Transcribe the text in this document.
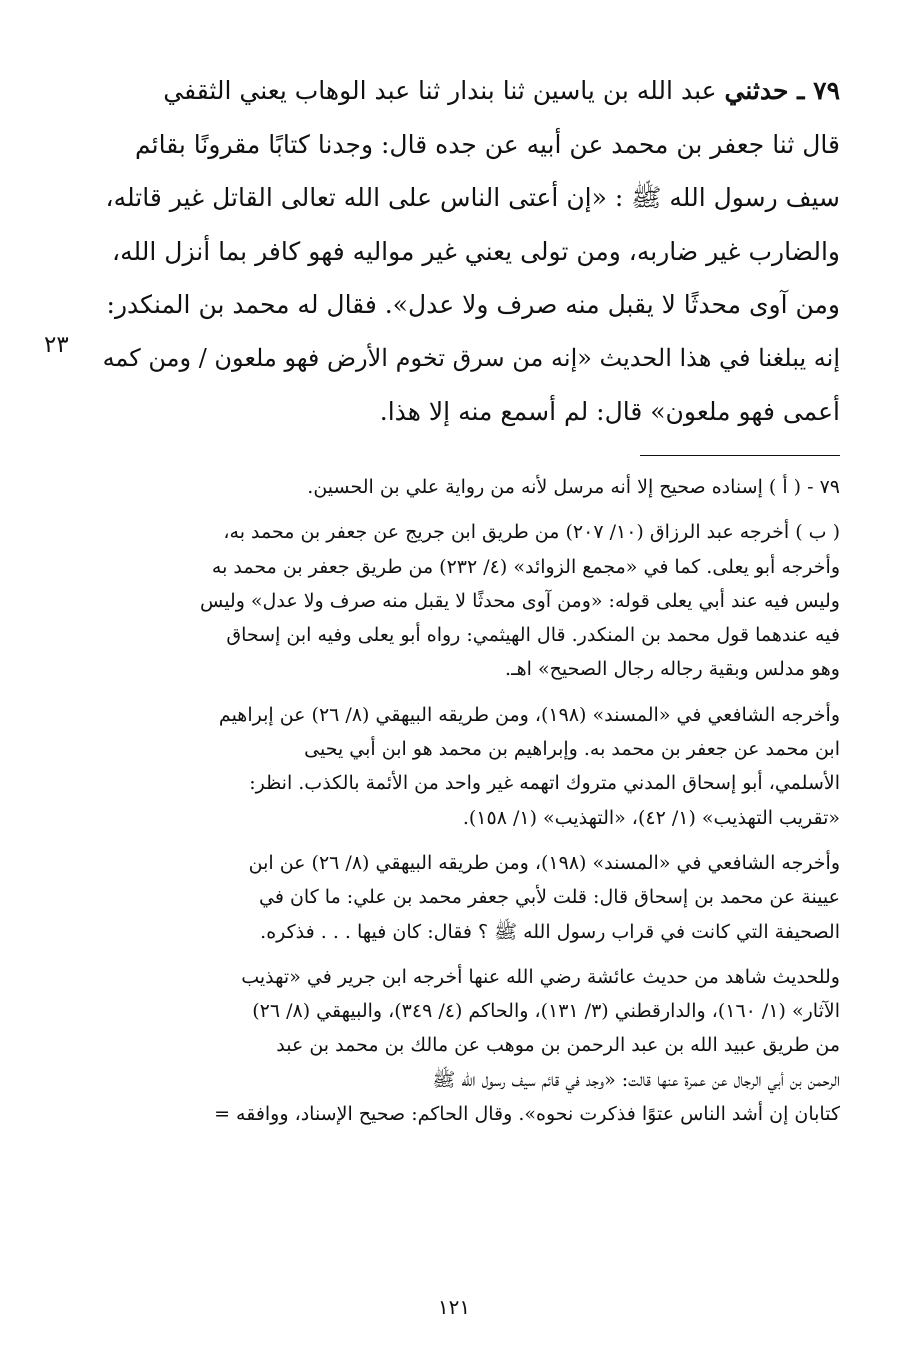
٧٩ ـ حدثني عبد الله بن ياسين ثنا بندار ثنا عبد الوهاب يعني الثقفي
قال ثنا جعفر بن محمد عن أبيه عن جده قال: وجدنا كتابًا مقرونًا بقائم
سيف رسول الله ﷺ : «إن أعتى الناس على الله تعالى القاتل غير قاتله،
والضارب غير ضاربه، ومن تولى يعني غير مواليه فهو كافر بما أنزل الله،
ومن آوى محدثًا لا يقبل منه صرف ولا عدل». فقال له محمد بن المنكدر:
إنه يبلغنا في هذا الحديث «إنه من سرق تخوم الأرض فهو ملعون / ومن كمه
أعمى فهو ملعون» قال: لم أسمع منه إلا هذا.
٢٣
٧٩ - ( أ ) إسناده صحيح إلا أنه مرسل لأنه من رواية علي بن الحسين.
( ب ) أخرجه عبد الرزاق (١٠/ ٢٠٧) من طريق ابن جريج عن جعفر بن محمد به،
وأخرجه أبو يعلى. كما في «مجمع الزوائد» (٤/ ٢٣٢) من طريق جعفر بن محمد به
وليس فيه عند أبي يعلى قوله: «ومن آوى محدثًا لا يقبل منه صرف ولا عدل» وليس
فيه عندهما قول محمد بن المنكدر. قال الهيثمي: رواه أبو يعلى وفيه ابن إسحاق
وهو مدلس وبقية رجاله رجال الصحيح» اهـ.
وأخرجه الشافعي في «المسند» (١٩٨)، ومن طريقه البيهقي (٨/ ٢٦) عن إبراهيم
ابن محمد عن جعفر بن محمد به. وإبراهيم بن محمد هو ابن أبي يحيى
الأسلمي، أبو إسحاق المدني متروك اتهمه غير واحد من الأئمة بالكذب. انظر:
«تقريب التهذيب» (١/ ٤٢)، «التهذيب» (١/ ١٥٨).
وأخرجه الشافعي في «المسند» (١٩٨)، ومن طريقه البيهقي (٨/ ٢٦) عن ابن
عيينة عن محمد بن إسحاق قال: قلت لأبي جعفر محمد بن علي: ما كان في
الصحيفة التي كانت في قراب رسول الله ﷺ ؟ فقال: كان فيها . . . فذكره.
وللحديث شاهد من حديث عائشة رضي الله عنها أخرجه ابن جرير في «تهذيب
الآثار» (١/ ١٦٠)، والدارقطني (٣/ ١٣١)، والحاكم (٤/ ٣٤٩)، والبيهقي (٨/ ٢٦)
من طريق عبيد الله بن عبد الرحمن بن موهب عن مالك بن محمد بن عبد
الرحمن بن أبي الرجال عن عمرة عنها قالت: «وجد في قائم سيف رسول الله ﷺ
كتابان إن أشد الناس عتوًا فذكرت نحوه». وقال الحاكم: صحيح الإسناد، ووافقه =
١٢١
